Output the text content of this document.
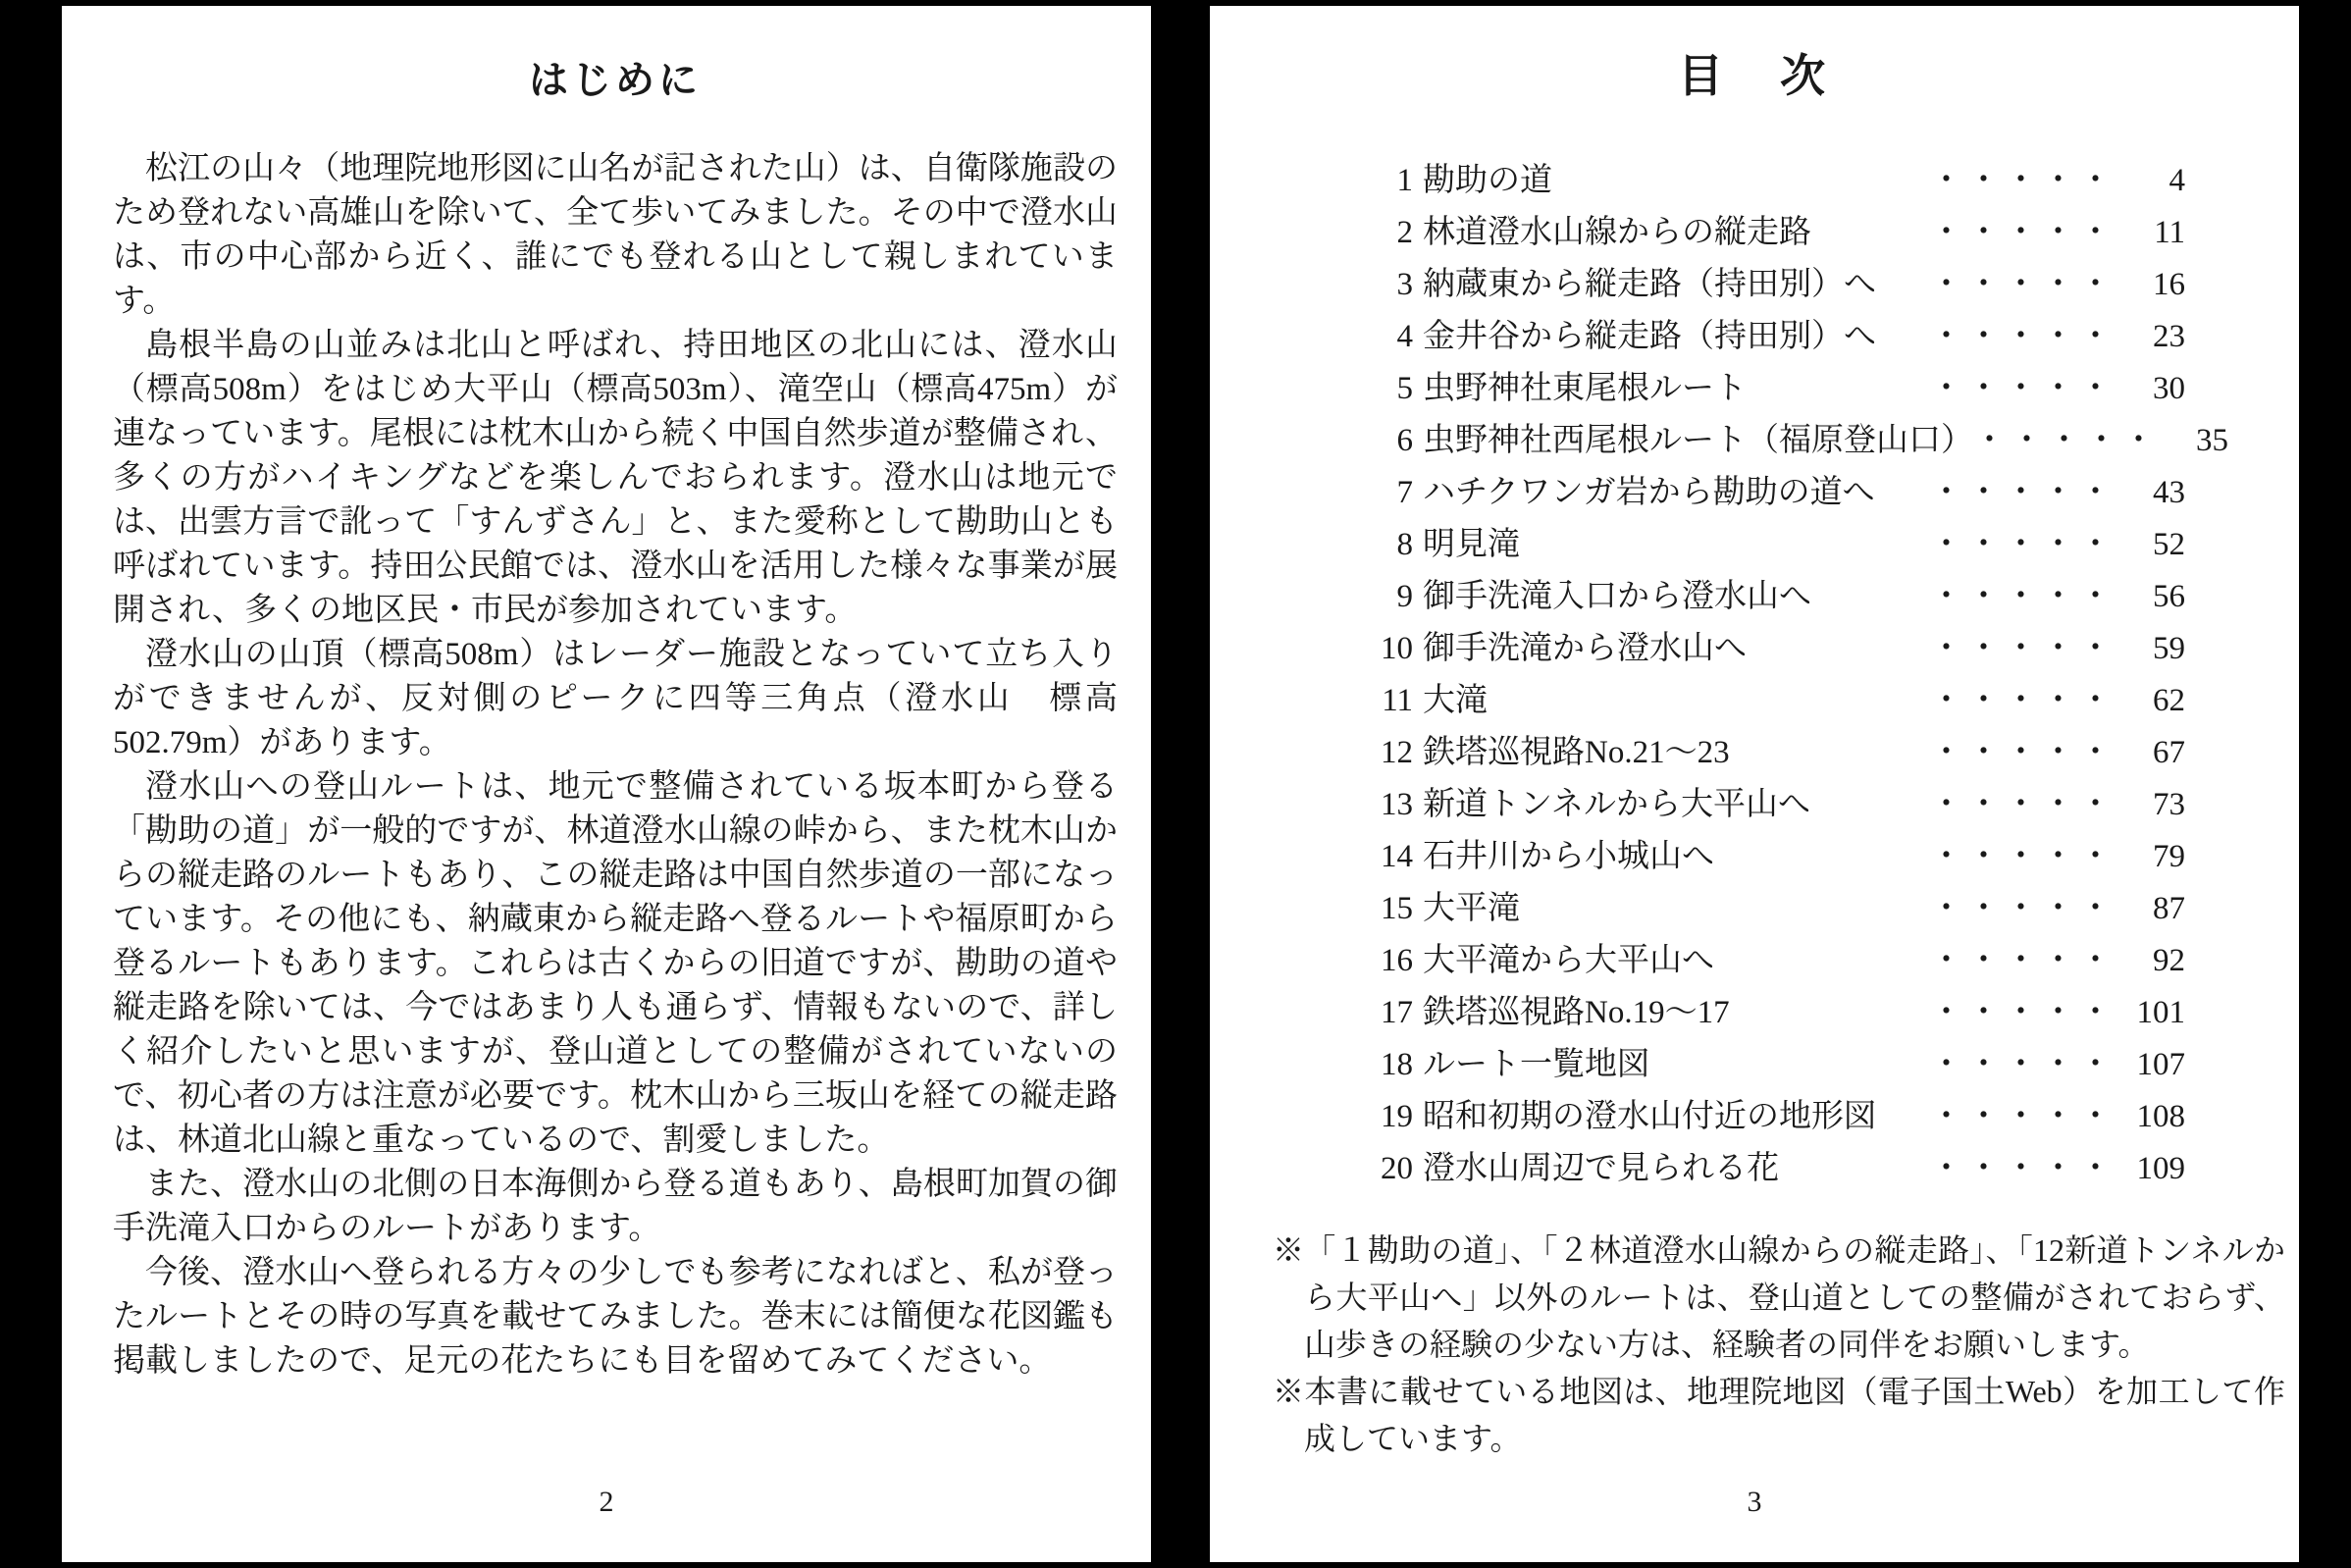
はじめに

松江の山々（地理院地形図に山名が記された山）は、自衛隊施設のため登れない高雄山を除いて、全て歩いてみました。その中で澄水山は、市の中心部から近く、誰にでも登れる山として親しまれています。

島根半島の山並みは北山と呼ばれ、持田地区の北山には、澄水山（標高508m）をはじめ大平山（標高503m）、滝空山（標高475m）が連なっています。尾根には枕木山から続く中国自然歩道が整備され、多くの方がハイキングなどを楽しんでおられます。澄水山は地元では、出雲方言で訛って「すんずさん」と、また愛称として勘助山とも呼ばれています。持田公民館では、澄水山を活用した様々な事業が展開され、多くの地区民・市民が参加されています。

澄水山の山頂（標高508m）はレーダー施設となっていて立ち入りができませんが、反対側のピークに四等三角点（澄水山　標高502.79m）があります。

澄水山への登山ルートは、地元で整備されている坂本町から登る「勘助の道」が一般的ですが、林道澄水山線の峠から、また枕木山からの縦走路のルートもあり、この縦走路は中国自然歩道の一部になっています。その他にも、納蔵東から縦走路へ登るルートや福原町から登るルートもあります。これらは古くからの旧道ですが、勘助の道や縦走路を除いては、今ではあまり人も通らず、情報もないので、詳しく紹介したいと思いますが、登山道としての整備がされていないので、初心者の方は注意が必要です。枕木山から三坂山を経ての縦走路は、林道北山線と重なっているので、割愛しました。

また、澄水山の北側の日本海側から登る道もあり、島根町加賀の御手洗滝入口からのルートがあります。

今後、澄水山へ登られる方々の少しでも参考になればと、私が登ったルートとその時の写真を載せてみました。巻末には簡便な花図鑑も掲載しましたので、足元の花たちにも目を留めてみてください。

2
目　次
1 勘助の道	・・・・・	4
2 林道澄水山線からの縦走路	・・・・・	11
3 納蔵東から縦走路（持田別）へ	・・・・・	16
4 金井谷から縦走路（持田別）へ	・・・・・	23
5 虫野神社東尾根ルート	・・・・・	30
6 虫野神社西尾根ルート（福原登山口） ・・・・・	35
7 ハチクワンガ岩から勘助の道へ	・・・・・	43
8 明見滝	・・・・・	52
9 御手洗滝入口から澄水山へ	・・・・・	56
10 御手洗滝から澄水山へ	・・・・・	59
11 大滝	・・・・・	62
12 鉄塔巡視路No.21〜23	・・・・・	67
13 新道トンネルから大平山へ	・・・・・	73
14 石井川から小城山へ	・・・・・	79
15 大平滝	・・・・・	87
16 大平滝から大平山へ	・・・・・	92
17 鉄塔巡視路No.19〜17	・・・・・ 101
18 ルート一覧地図	・・・・・ 107
19 昭和初期の澄水山付近の地形図	・・・・・ 108
20 澄水山周辺で見られる花	・・・・・ 109

※「１勘助の道」、「２林道澄水山線からの縦走路」、「12新道トンネルから大平山へ」以外のルートは、登山道としての整備がされておらず、山歩きの経験の少ない方は、経験者の同伴をお願いします。

※本書に載せている地図は、地理院地図（電子国土Web）を加工して作成しています。

3
